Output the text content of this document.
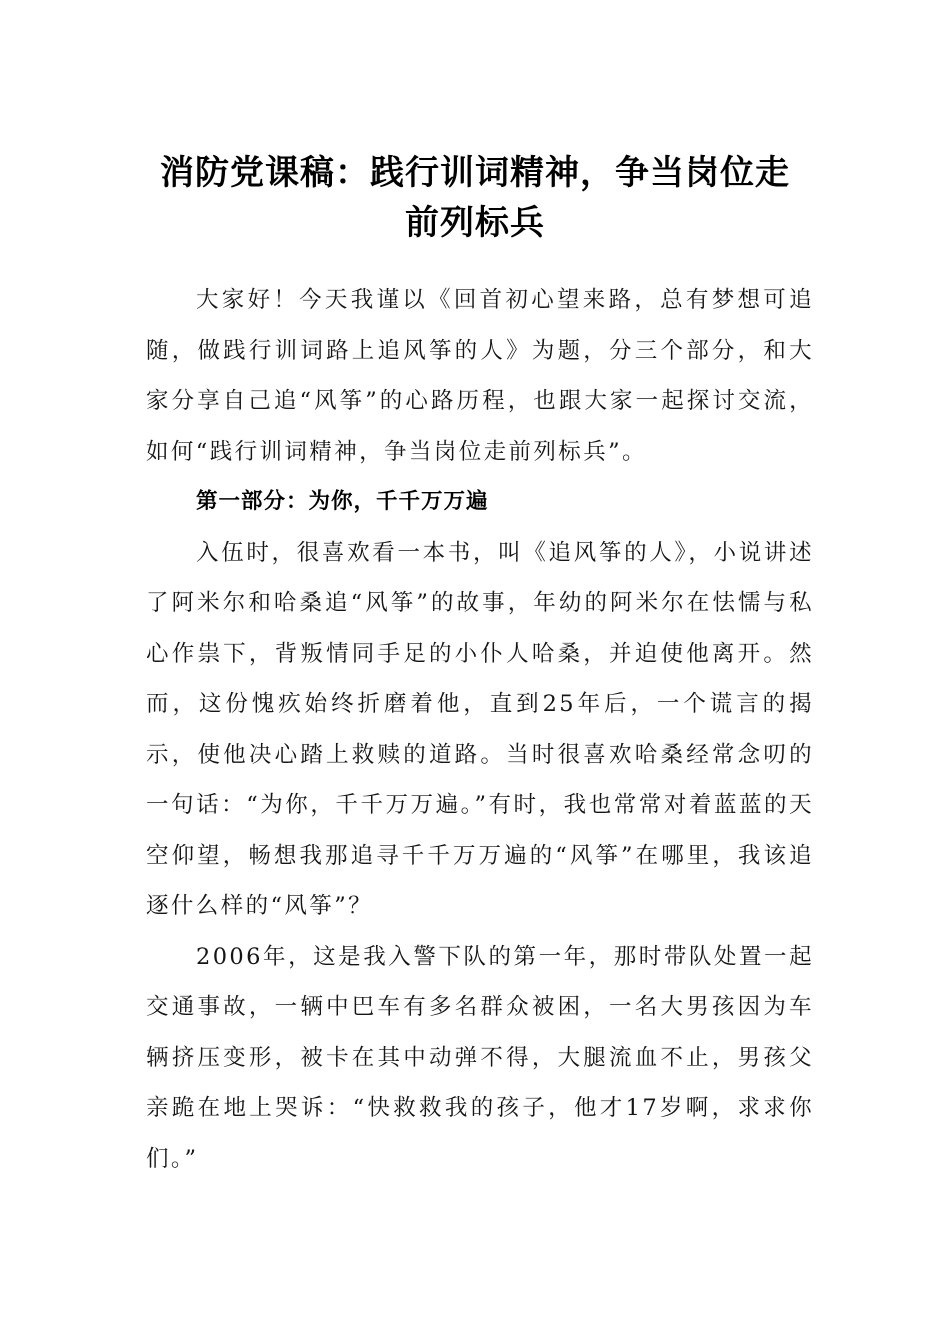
消防党课稿：践行训词精神，争当岗位走
前列标兵

大家好！今天我谨以《回首初心望来路，总有梦想可追随，做践行训词路上追风筝的人》为题，分三个部分，和大家分享自己追“风筝”的心路历程，也跟大家一起探讨交流，如何“践行训词精神，争当岗位走前列标兵”。

第一部分：为你，千千万万遍

入伍时，很喜欢看一本书，叫《追风筝的人》，小说讲述了阿米尔和哈桑追“风筝”的故事，年幼的阿米尔在怯懦与私心作祟下，背叛情同手足的小仆人哈桑，并迫使他离开。然而，这份愧疚始终折磨着他，直到25年后，一个谎言的揭示，使他决心踏上救赎的道路。当时很喜欢哈桑经常念叨的一句话：“为你，千千万万遍。”有时，我也常常对着蓝蓝的天空仰望，畅想我那追寻千千万万遍的“风筝”在哪里，我该追逐什么样的“风筝”？

2006年，这是我入警下队的第一年，那时带队处置一起交通事故，一辆中巴车有多名群众被困，一名大男孩因为车辆挤压变形，被卡在其中动弹不得，大腿流血不止，男孩父亲跪在地上哭诉：“快救救我的孩子，他才17岁啊，求求你们。”
